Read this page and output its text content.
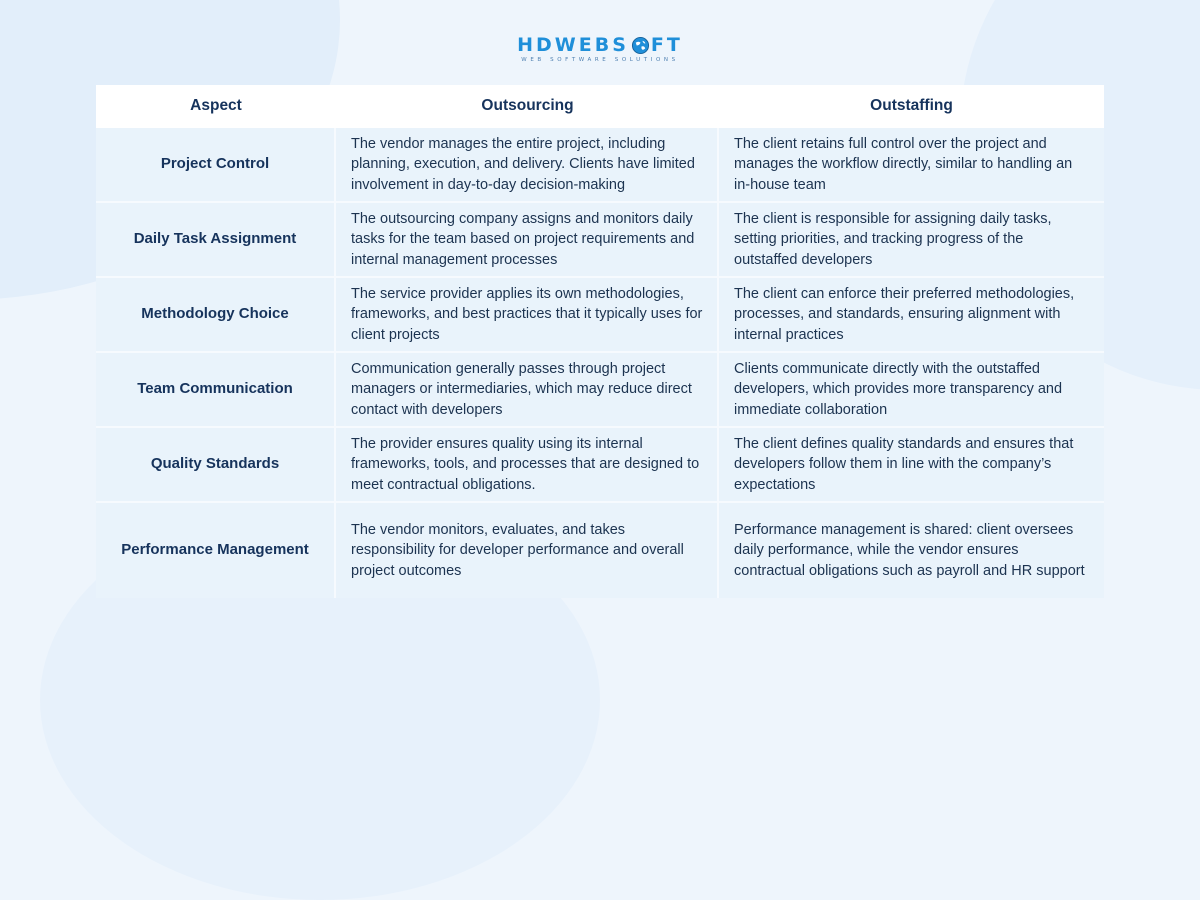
HDWEBS FT
WEB SOFTWARE SOLUTIONS
Aspect	Outsourcing	Outstaffing
Project Control
The vendor manages the entire project, including planning, execution, and delivery. Clients have limited involvement in day-to-day decision-making
The client retains full control over the project and manages the workflow directly, similar to handling an in-house team
Daily Task Assignment
The outsourcing company assigns and monitors daily tasks for the team based on project requirements and internal management processes
The client is responsible for assigning daily tasks, setting priorities, and tracking progress of the outstaffed developers
Methodology Choice
The service provider applies its own methodologies, frameworks, and best practices that it typically uses for client projects
The client can enforce their preferred methodologies, processes, and standards, ensuring alignment with internal practices
Team Communication
Communication generally passes through project managers or intermediaries, which may reduce direct contact with developers
Clients communicate directly with the outstaffed developers, which provides more transparency and immediate collaboration
Quality Standards
The provider ensures quality using its internal frameworks, tools, and processes that are designed to meet contractual obligations.
The client defines quality standards and ensures that developers follow them in line with the company’s expectations
Performance Management
The vendor monitors, evaluates, and takes responsibility for developer performance and overall project outcomes
Performance management is shared: client oversees daily performance, while the vendor ensures contractual obligations such as payroll and HR support
